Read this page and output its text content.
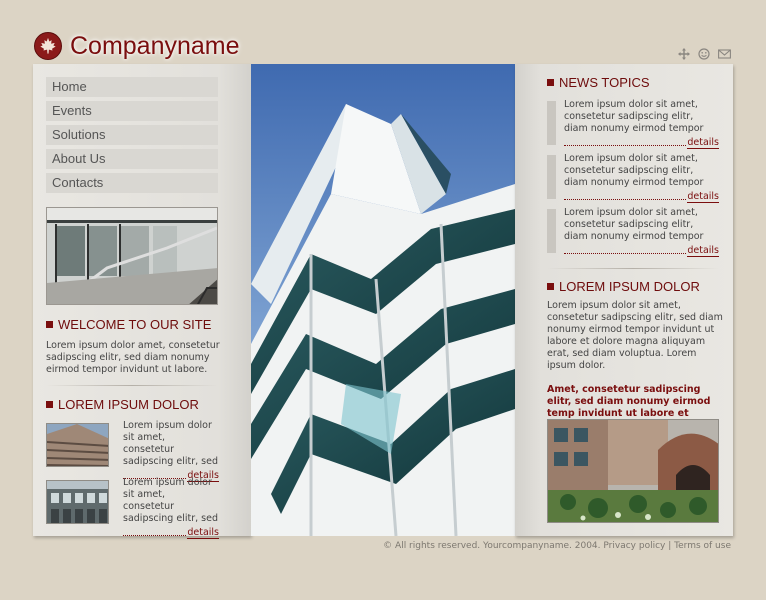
Companyname
Home
Events
Solutions
About Us
Contacts
WELCOME TO OUR SITE
Lorem ipsum dolor amet, consetetur sadipscing elitr, sed diam nonumy eirmod tempor invidunt ut labore.
LOREM IPSUM DOLOR
Lorem ipsum dolor sit amet, consetetur sadipscing elitr, sed
details
Lorem ipsum dolor sit amet, consetetur sadipscing elitr, sed
details
NEWS TOPICS
Lorem ipsum dolor sit amet, consetetur sadipscing elitr, diam nonumy eirmod tempor
details
Lorem ipsum dolor sit amet, consetetur sadipscing elitr, diam nonumy eirmod tempor
details
Lorem ipsum dolor sit amet, consetetur sadipscing elitr, diam nonumy eirmod tempor
details
LOREM IPSUM DOLOR
Lorem ipsum dolor sit amet, consetetur sadipscing elitr, sed diam nonumy eirmod tempor invidunt ut labore et dolore magna aliquyam erat, sed diam voluptua. Lorem ipsum dolor.
Amet, consetetur sadipscing elitr, sed diam nonumy eirmod temp invidunt ut labore et
© All rights reserved. Yourcompanyname. 2004. Privacy policy | Terms of use
